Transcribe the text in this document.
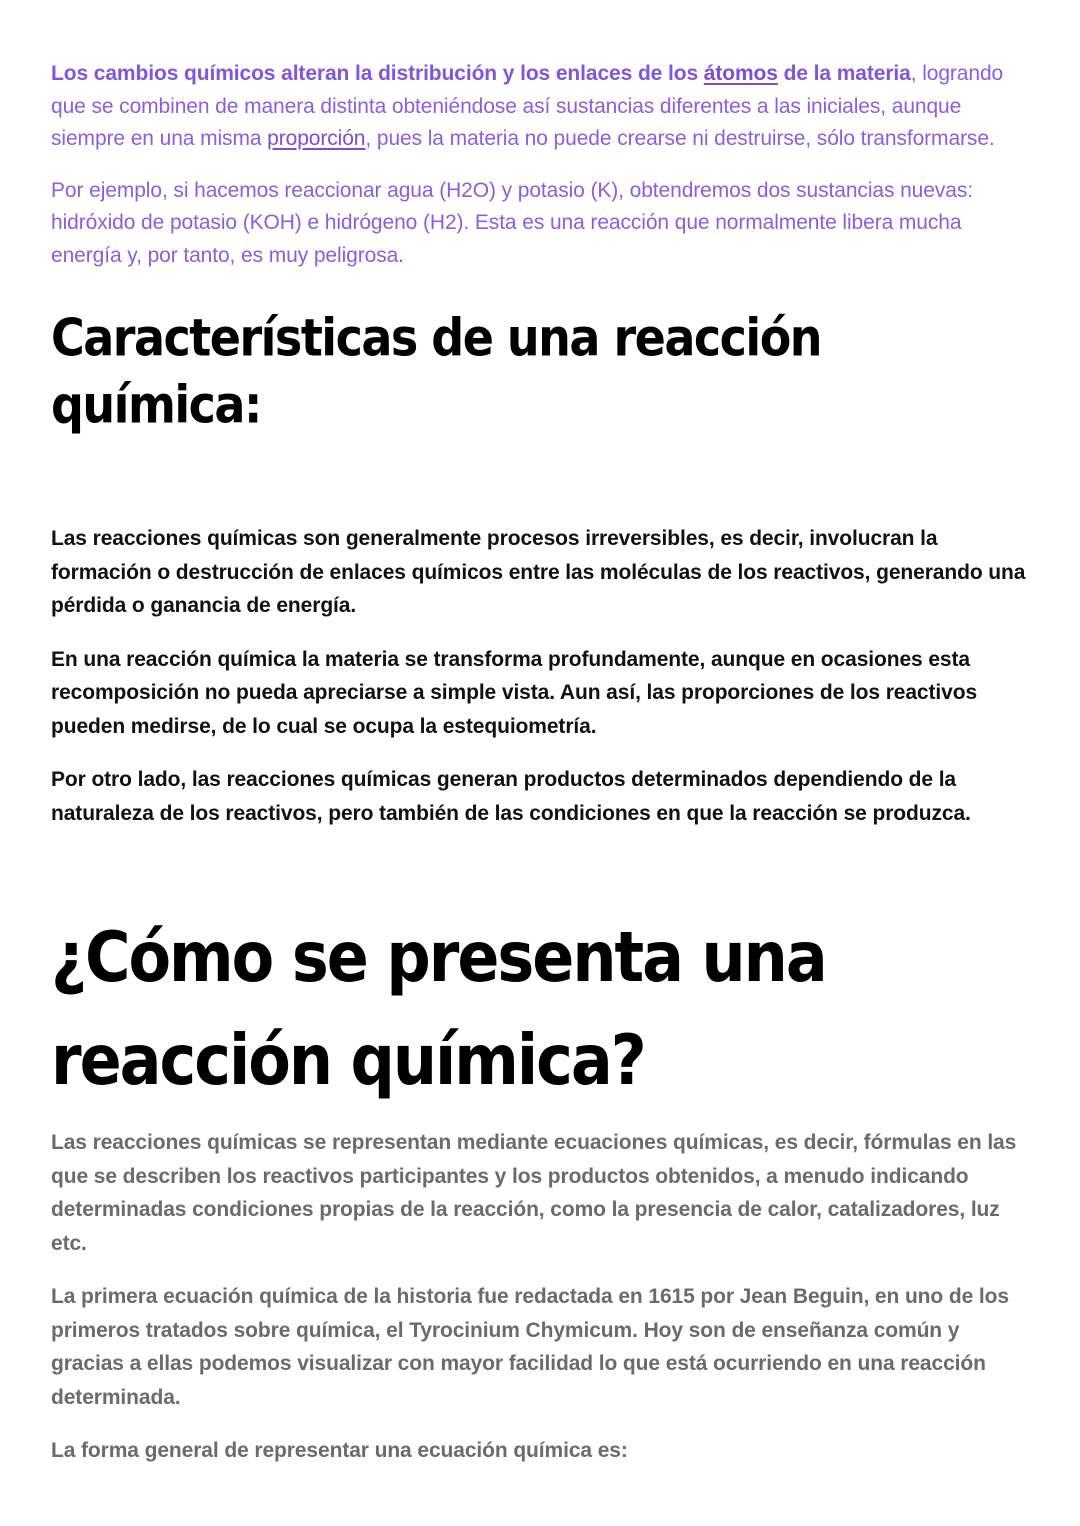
Los cambios químicos alteran la distribución y los enlaces de los átomos de la materia, logrando que se combinen de manera distinta obteniéndose así sustancias diferentes a las iniciales, aunque siempre en una misma proporción, pues la materia no puede crearse ni destruirse, sólo transformarse.

Por ejemplo, si hacemos reaccionar agua (H2O) y potasio (K), obtendremos dos sustancias nuevas: hidróxido de potasio (KOH) e hidrógeno (H2). Esta es una reacción que normalmente libera mucha energía y, por tanto, es muy peligrosa.

Características de una reacción química:

Las reacciones químicas son generalmente procesos irreversibles, es decir, involucran la formación o destrucción de enlaces químicos entre las moléculas de los reactivos, generando una pérdida o ganancia de energía.

En una reacción química la materia se transforma profundamente, aunque en ocasiones esta recomposición no pueda apreciarse a simple vista. Aun así, las proporciones de los reactivos pueden medirse, de lo cual se ocupa la estequiometría.

Por otro lado, las reacciones químicas generan productos determinados dependiendo de la naturaleza de los reactivos, pero también de las condiciones en que la reacción se produzca.

¿Cómo se presenta una reacción química?

Las reacciones químicas se representan mediante ecuaciones químicas, es decir, fórmulas en las que se describen los reactivos participantes y los productos obtenidos, a menudo indicando determinadas condiciones propias de la reacción, como la presencia de calor, catalizadores, luz etc.

La primera ecuación química de la historia fue redactada en 1615 por Jean Beguin, en uno de los primeros tratados sobre química, el Tyrocinium Chymicum. Hoy son de enseñanza común y gracias a ellas podemos visualizar con mayor facilidad lo que está ocurriendo en una reacción determinada.

La forma general de representar una ecuación química es:
